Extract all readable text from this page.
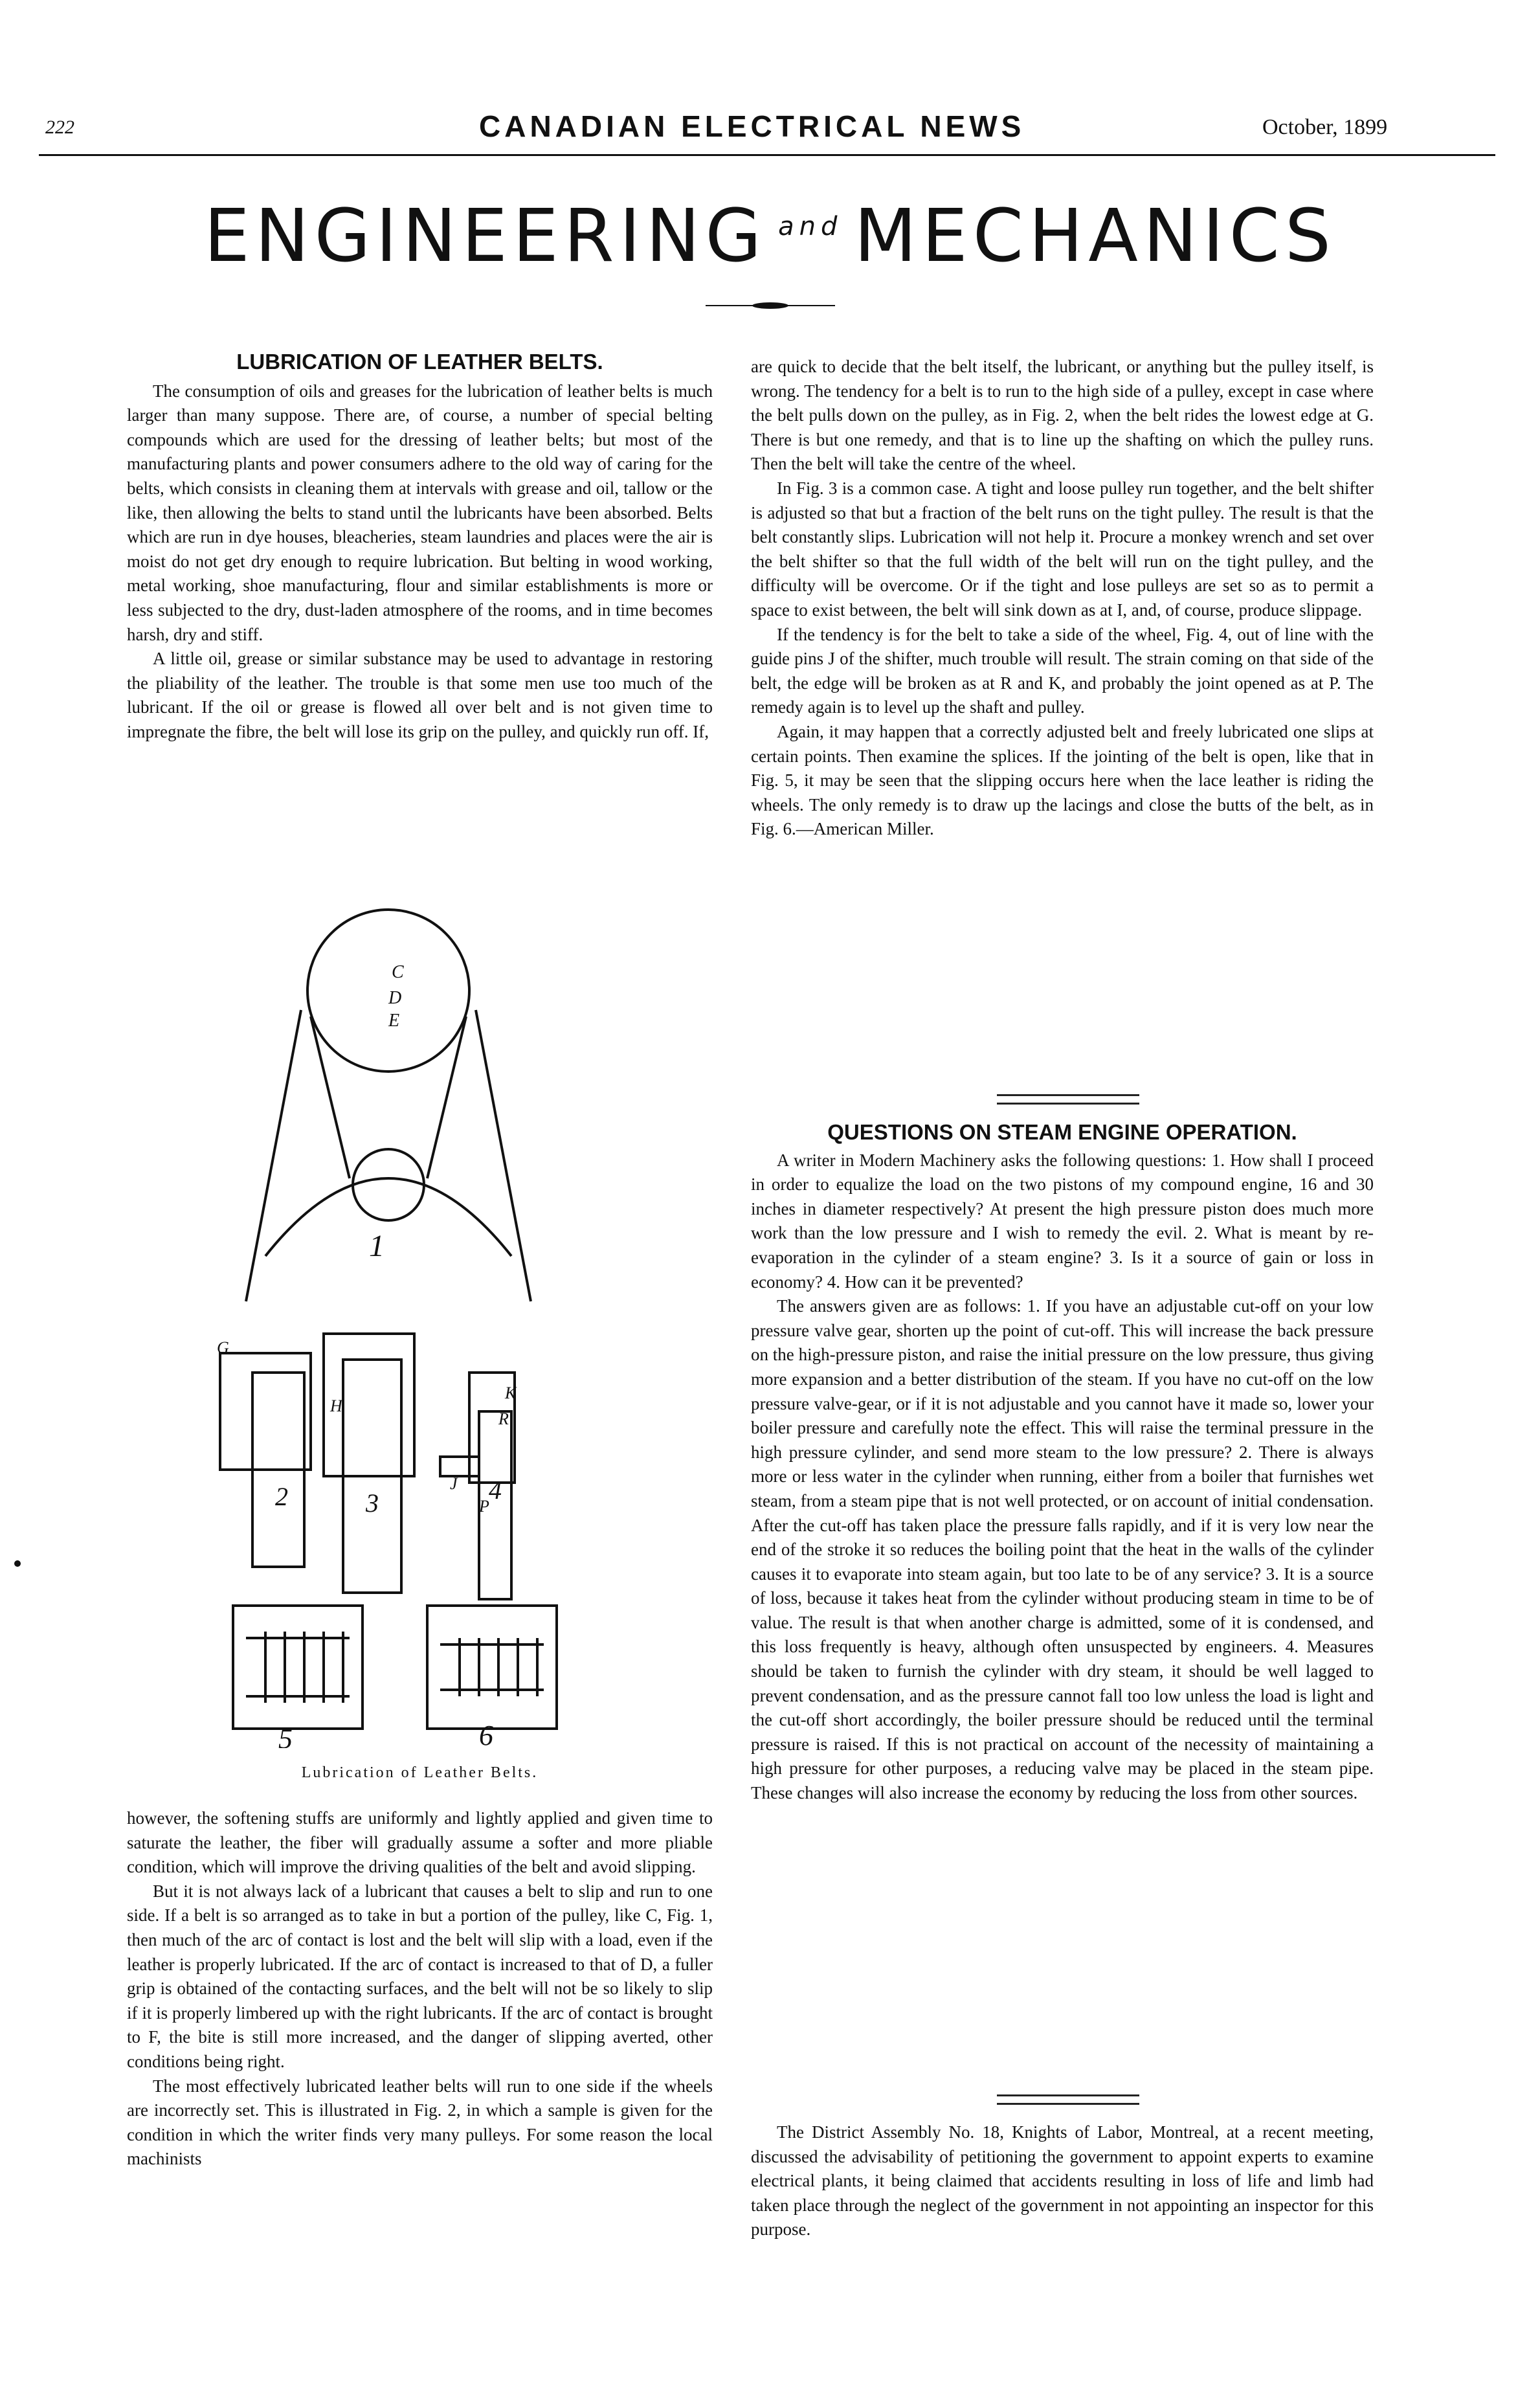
222	CANADIAN ELECTRICAL NEWS	October, 1899
ENGINEERING $^{and}$ MECHANICS
LUBRICATION OF LEATHER BELTS.

The consumption of oils and greases for the lubrication of leather belts is much larger than many suppose. There are, of course, a number of special belting compounds which are used for the dressing of leather belts; but most of the manufacturing plants and power consumers adhere to the old way of caring for the belts, which consists in cleaning them at intervals with grease and oil, tallow or the like, then allowing the belts to stand until the lubricants have been absorbed. Belts which are run in dye houses, bleacheries, steam laundries and places were the air is moist do not get dry enough to require lubrication. But belting in wood working, metal working, shoe manufacturing, flour and similar establishments is more or less subjected to the dry, dust-laden atmosphere of the rooms, and in time becomes harsh, dry and stiff.

A little oil, grease or similar substance may be used to advantage in restoring the pliability of the leather. The trouble is that some men use too much of the lubricant. If the oil or grease is flowed all over belt and is not given time to impregnate the fibre, the belt will lose its grip on the pulley, and quickly run off. If,

C
D
E
1
G
H
R
K
J
P
2	3	4
5	6
Lubrication of Leather Belts.

however, the softening stuffs are uniformly and lightly applied and given time to saturate the leather, the fiber will gradually assume a softer and more pliable condition, which will improve the driving qualities of the belt and avoid slipping.

But it is not always lack of a lubricant that causes a belt to slip and run to one side. If a belt is so arranged as to take in but a portion of the pulley, like C, Fig. 1, then much of the arc of contact is lost and the belt will slip with a load, even if the leather is properly lubricated. If the arc of contact is increased to that of D, a fuller grip is obtained of the contacting surfaces, and the belt will not be so likely to slip if it is properly limbered up with the right lubricants. If the arc of contact is brought to F, the bite is still more increased, and the danger of slipping averted, other conditions being right.

The most effectively lubricated leather belts will run to one side if the wheels are incorrectly set. This is illustrated in Fig. 2, in which a sample is given for the condition in which the writer finds very many pulleys. For some reason the local machinists

are quick to decide that the belt itself, the lubricant, or anything but the pulley itself, is wrong. The tendency for a belt is to run to the high side of a pulley, except in case where the belt pulls down on the pulley, as in Fig. 2, when the belt rides the lowest edge at G. There is but one remedy, and that is to line up the shafting on which the pulley runs. Then the belt will take the centre of the wheel.

In Fig. 3 is a common case. A tight and loose pulley run together, and the belt shifter is adjusted so that but a fraction of the belt runs on the tight pulley. The result is that the belt constantly slips. Lubrication will not help it. Procure a monkey wrench and set over the belt shifter so that the full width of the belt will run on the tight pulley, and the difficulty will be overcome. Or if the tight and lose pulleys are set so as to permit a space to exist between, the belt will sink down as at I, and, of course, produce slippage.

If the tendency is for the belt to take a side of the wheel, Fig. 4, out of line with the guide pins J of the shifter, much trouble will result. The strain coming on that side of the belt, the edge will be broken as at R and K, and probably the joint opened as at P. The remedy again is to level up the shaft and pulley.

Again, it may happen that a correctly adjusted belt and freely lubricated one slips at certain points. Then examine the splices. If the jointing of the belt is open, like that in Fig. 5, it may be seen that the slipping occurs here when the lace leather is riding the wheels. The only remedy is to draw up the lacings and close the butts of the belt, as in Fig. 6.—American Miller.

QUESTIONS ON STEAM ENGINE OPERATION.

A writer in Modern Machinery asks the following questions: 1. How shall I proceed in order to equalize the load on the two pistons of my compound engine, 16 and 30 inches in diameter respectively? At present the high pressure piston does much more work than the low pressure and I wish to remedy the evil. 2. What is meant by re-evaporation in the cylinder of a steam engine? 3. Is it a source of gain or loss in economy? 4. How can it be prevented?

The answers given are as follows: 1. If you have an adjustable cut-off on your low pressure valve gear, shorten up the point of cut-off. This will increase the back pressure on the high-pressure piston, and raise the initial pressure on the low pressure, thus giving more expansion and a better distribution of the steam. If you have no cut-off on the low pressure valve-gear, or if it is not adjustable and you cannot have it made so, lower your boiler pressure and carefully note the effect. This will raise the terminal pressure in the high pressure cylinder, and send more steam to the low pressure? 2. There is always more or less water in the cylinder when running, either from a boiler that furnishes wet steam, from a steam pipe that is not well protected, or on account of initial condensation. After the cut-off has taken place the pressure falls rapidly, and if it is very low near the end of the stroke it so reduces the boiling point that the heat in the walls of the cylinder causes it to evaporate into steam again, but too late to be of any service? 3. It is a source of loss, because it takes heat from the cylinder without producing steam in time to be of value. The result is that when another charge is admitted, some of it is condensed, and this loss frequently is heavy, although often unsuspected by engineers. 4. Measures should be taken to furnish the cylinder with dry steam, it should be well lagged to prevent condensation, and as the pressure cannot fall too low unless the load is light and the cut-off short accordingly, the boiler pressure should be reduced until the terminal pressure is raised. If this is not practical on account of the necessity of maintaining a high pressure for other purposes, a reducing valve may be placed in the steam pipe. These changes will also increase the economy by reducing the loss from other sources.

The District Assembly No. 18, Knights of Labor, Montreal, at a recent meeting, discussed the advisability of petitioning the government to appoint experts to examine electrical plants, it being claimed that accidents resulting in loss of life and limb had taken place through the neglect of the government in not appointing an inspector for this purpose.
